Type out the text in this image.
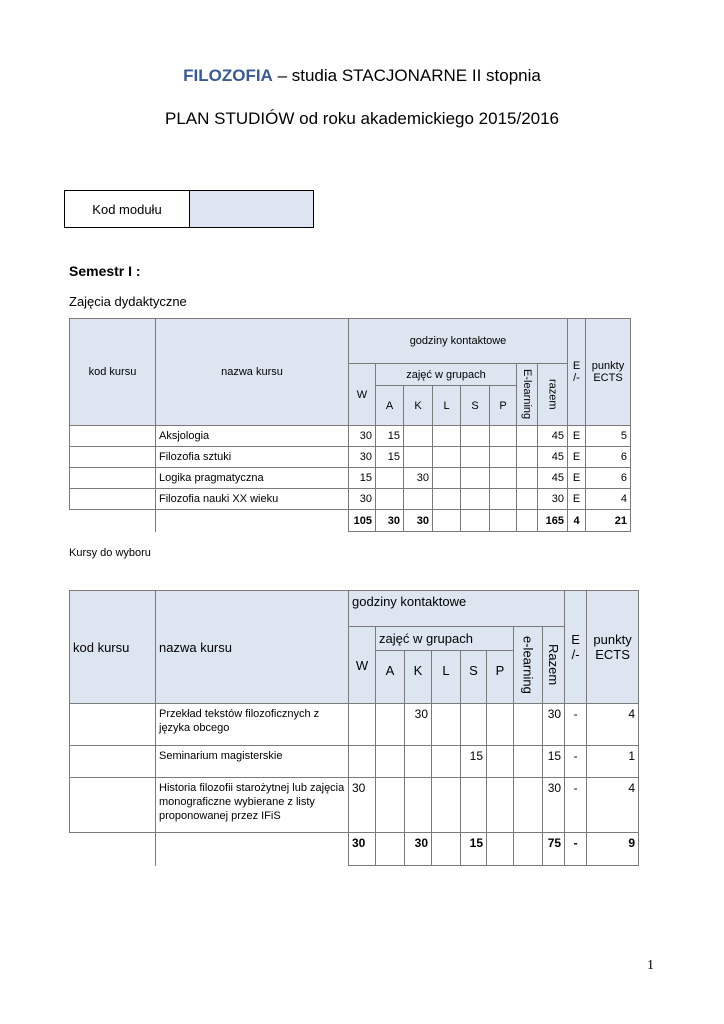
FILOZOFIA – studia STACJONARNE II stopnia
PLAN STUDIÓW od roku akademickiego 2015/2016
Kod modułu
Semestr I :
Zajęcia dydaktyczne
kod kursu	nazwa kursu	godziny kontaktowe								E /-	punkty ECTS
		W	zajęć w grupach					E-learning	razem		
			A	K	L	S	P				
	Aksjologia	30	15						45	E	5
	Filozofia sztuki	30	15						45	E	6
	Logika pragmatyczna	15		30					45	E	6
	Filozofia nauki XX wieku	30							30	E	4
		105	30	30					165	4	21
Kursy do wyboru
kod kursu	nazwa kursu	godziny kontaktowe								E /-	punkty ECTS
		W	zajęć w grupach					e-learning	Razem		
			A	K	L	S	P				
	Przekład tekstów filozoficznych z języka obcego			30					30	-	4
	Seminarium magisterskie					15			15	-	1
	Historia filozofii starożytnej lub zajęcia monograficzne wybierane z listy proponowanej przez IFiS	30							30	-	4
		30		30		15			75	-	9
1
